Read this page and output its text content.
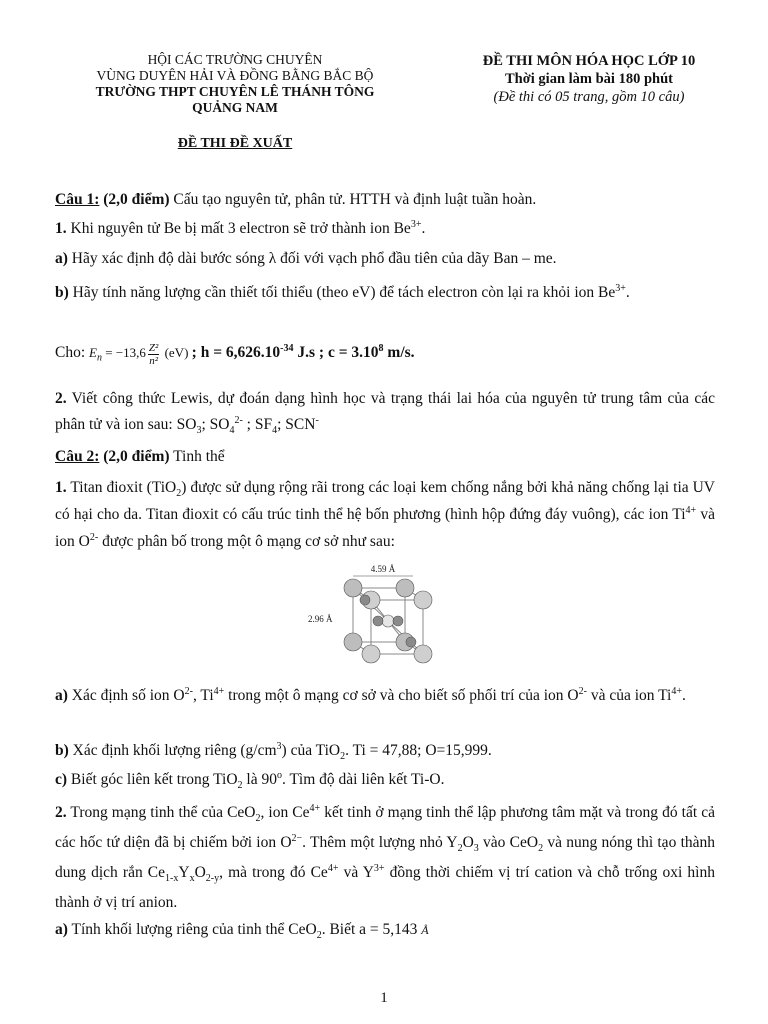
HỘI CÁC TRƯỜNG CHUYÊN
VÙNG DUYÊN HẢI VÀ ĐỒNG BẰNG BẮC BỘ
TRƯỜNG THPT CHUYÊN LÊ THÁNH TÔNG
QUẢNG NAM
ĐỀ THI ĐỀ XUẤT
ĐỀ THI MÔN HÓA HỌC LỚP 10
Thời gian làm bài 180 phút
(Đề thi có 05 trang, gồm 10 câu)
Câu 1: (2,0 điểm) Cấu tạo nguyên tử, phân tử. HTTH và định luật tuần hoàn.
1. Khi nguyên tử Be bị mất 3 electron sẽ trở thành ion $Be^{3+}$.
a) Hãy xác định độ dài bước sóng λ đối với vạch phổ đầu tiên của dãy Ban – me.
b) Hãy tính năng lượng cần thiết tối thiểu (theo eV) để tách electron còn lại ra khỏi ion $Be^{3+}$.
Cho: $E_n = -13,6 \frac{\text{Z²}}{\text{n²}} (eV)$ ; $h = 6,626.10^{-34}$ J.s ; $c = 3.10^8$ m/s.
2. Viết công thức Lewis, dự đoán dạng hình học và trạng thái lai hóa của nguyên tử trung tâm của các phân tử và ion sau: $SO_3$; $SO_4^{2-}$ ; $SF_4$; SCN-
Câu 2: (2,0 điểm) Tinh thể
1. Titan đioxit (TiO$_2$) được sử dụng rộng rãi trong các loại kem chống nắng bởi khả năng chống lại tia UV có hại cho da. Titan đioxit có cấu trúc tinh thể hệ bốn phương (hình hộp đứng đáy vuông), các ion $Ti^{4+}$ và ion $O^{2-}$ được phân bố trong một ô mạng cơ sở như sau:
4.59 Å
2.96 Å
a) Xác định số ion $O^{2-}$, $Ti^{4+}$ trong một ô mạng cơ sở và cho biết số phối trí của ion $O^{2-}$ và của ion $Ti^{4+}$.
b) Xác định khối lượng riêng $(g/cm^3)$ của TiO$_2$. Ti = 47,88; O=15,999.
c) Biết góc liên kết trong TiO$_2$ là 90$^o$. Tìm độ dài liên kết Ti-O.
2. Trong mạng tinh thể của CeO$_2$, ion $Ce^{4+}$ kết tinh ở mạng tinh thể lập phương tâm mặt và trong đó tất cả các hốc tứ diện đã bị chiếm bởi ion $O^{2-}$. Thêm một lượng nhỏ $Y_2O_3$ vào CeO$_2$ và nung nóng thì tạo thành dung dịch rắn $Ce_{1-x}Y_xO_{2-y}$, mà trong đó $Ce^{4+}$ và $Y^{3+}$ đồng thời chiếm vị trí cation và chỗ trống oxi hình thành ở vị trí anion.
a) Tính khối lượng riêng của tinh thể CeO$_2$. Biết a = 5,143 Å
1
